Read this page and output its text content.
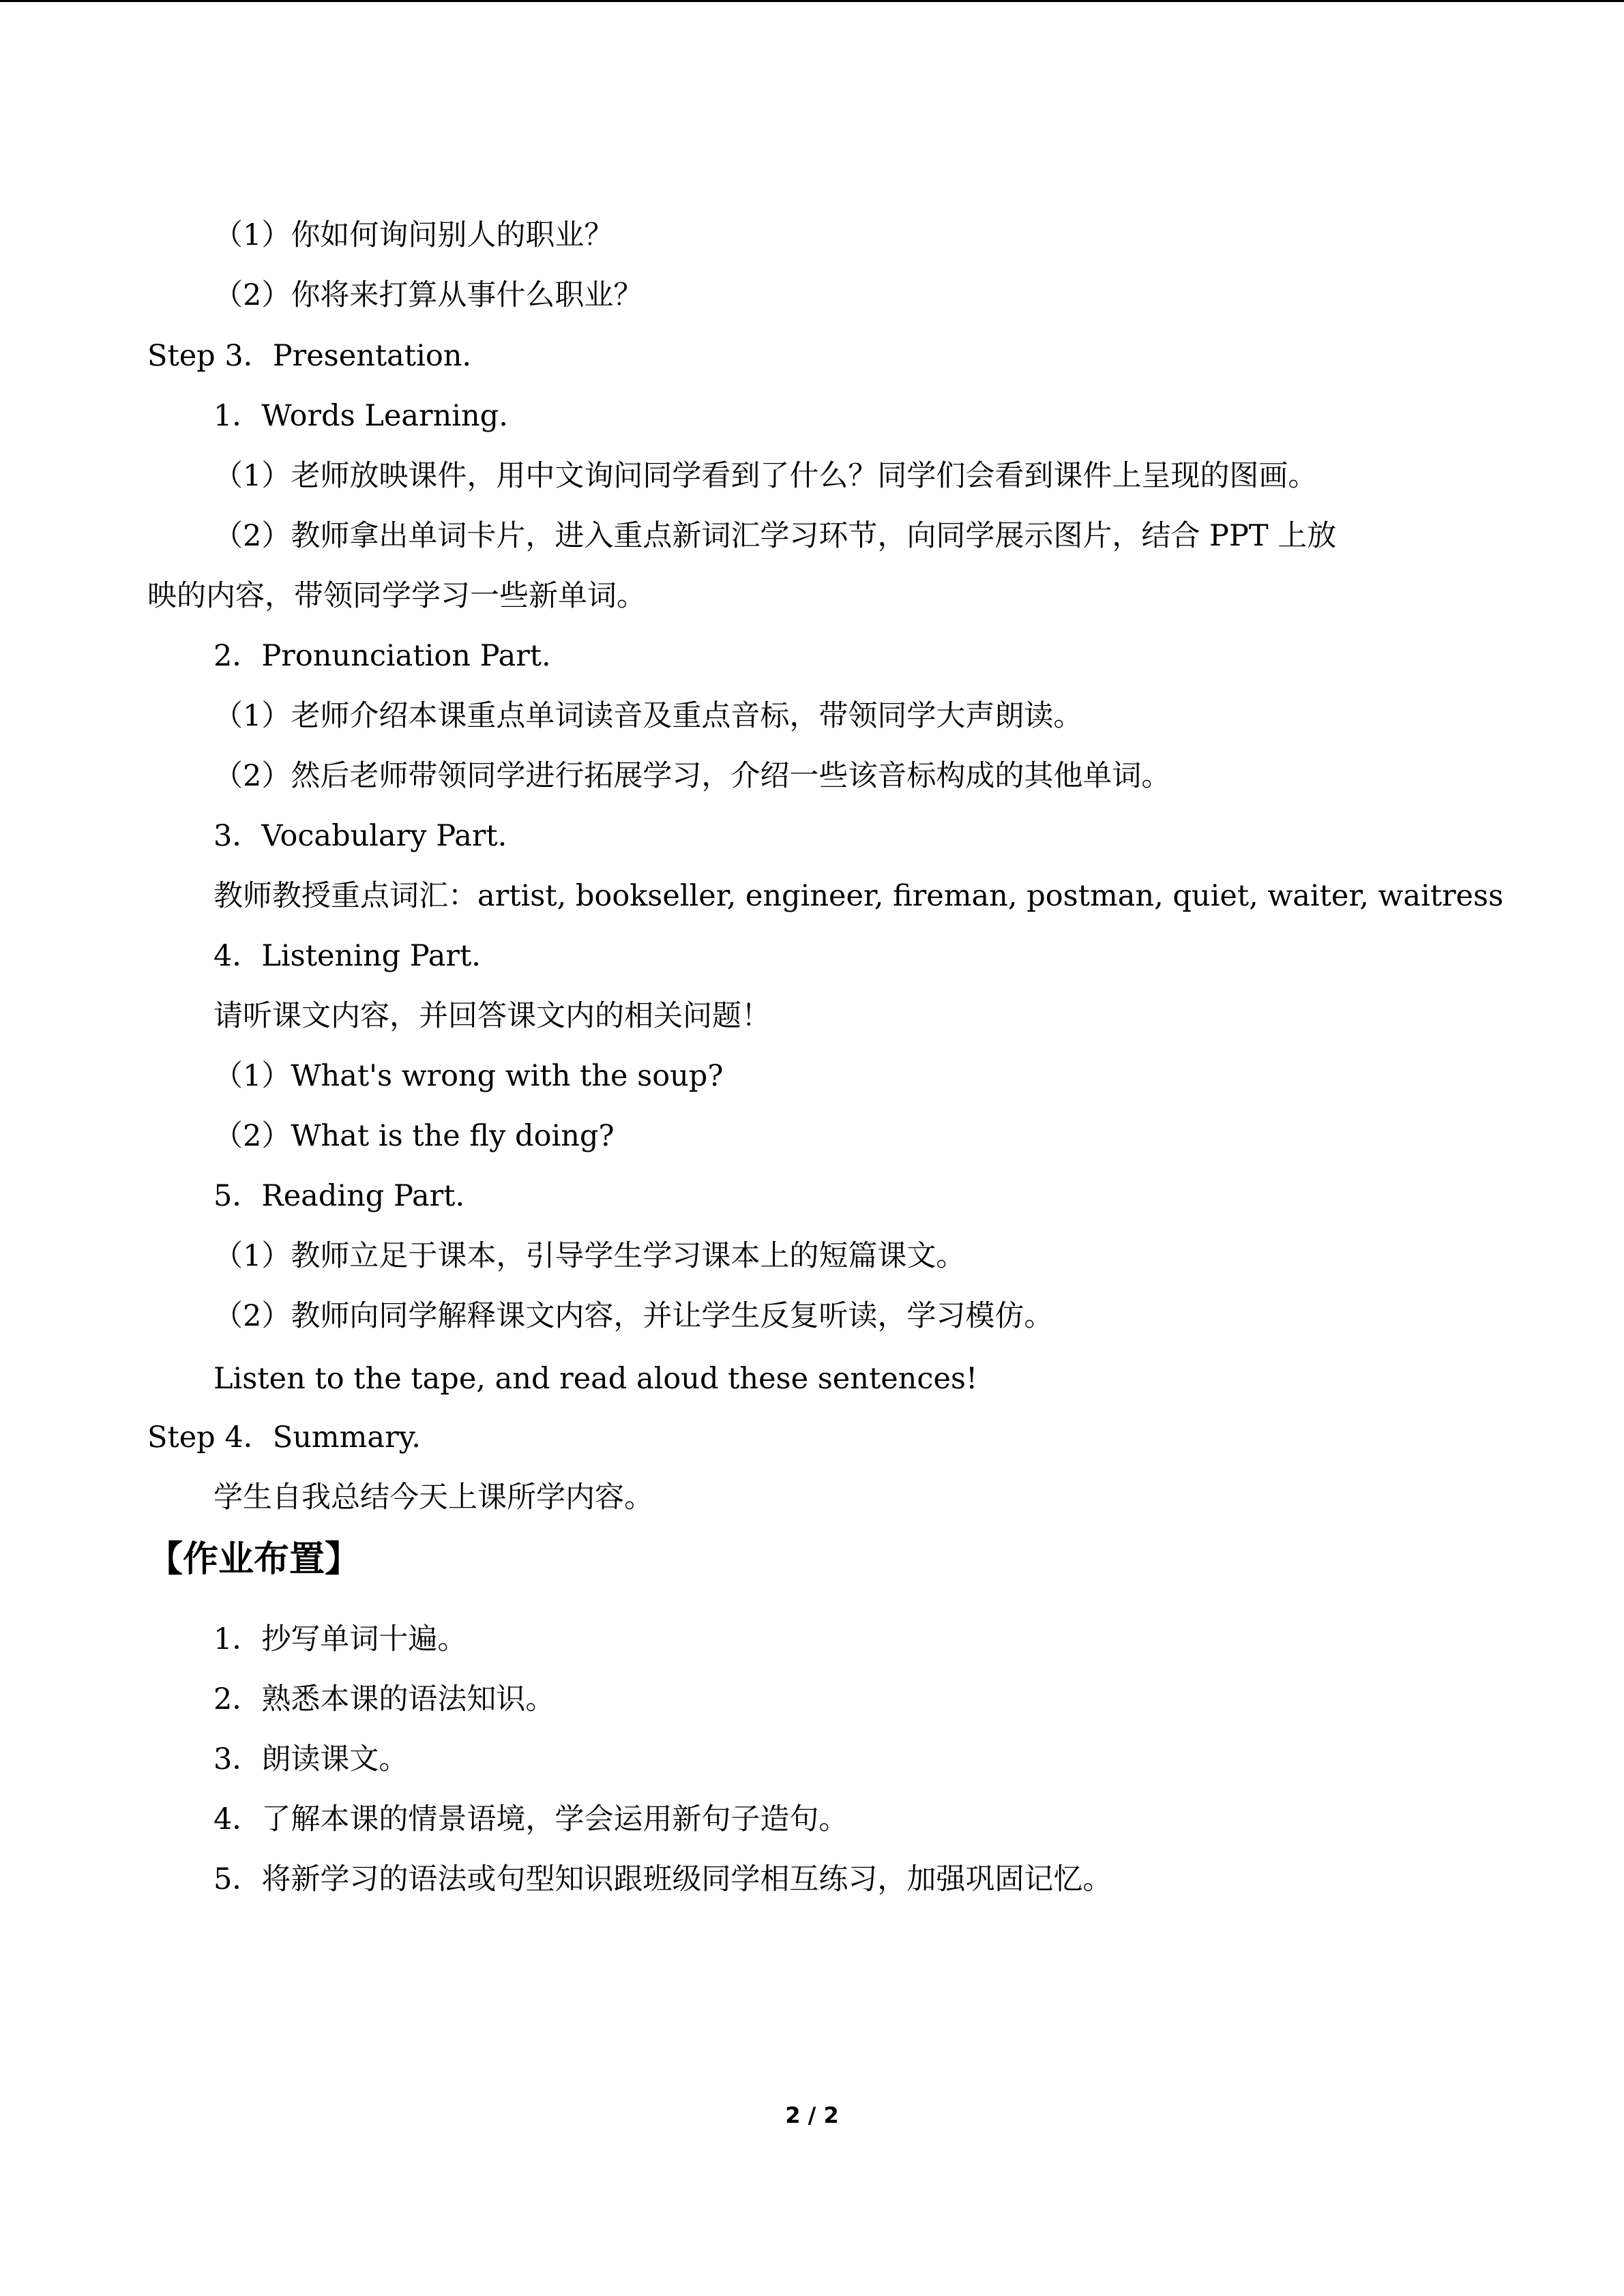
（1）你如何询问别人的职业？
（2）你将来打算从事什么职业？
Step 3．Presentation.
1．Words Learning.
（1）老师放映课件，用中文询问同学看到了什么？同学们会看到课件上呈现的图画。
（2）教师拿出单词卡片，进入重点新词汇学习环节，向同学展示图片，结合 PPT 上放
映的内容，带领同学学习一些新单词。
2．Pronunciation Part.
（1）老师介绍本课重点单词读音及重点音标，带领同学大声朗读。
（2）然后老师带领同学进行拓展学习，介绍一些该音标构成的其他单词。
3．Vocabulary Part.
教师教授重点词汇：artist, bookseller, engineer, fireman, postman, quiet, waiter, waitress
4．Listening Part.
请听课文内容，并回答课文内的相关问题！
（1）What's wrong with the soup?
（2）What is the fly doing?
5．Reading Part.
（1）教师立足于课本，引导学生学习课本上的短篇课文。
（2）教师向同学解释课文内容，并让学生反复听读，学习模仿。
Listen to the tape, and read aloud these sentences!
Step 4．Summary.
学生自我总结今天上课所学内容。
【作业布置】
1．抄写单词十遍。
2．熟悉本课的语法知识。
3．朗读课文。
4．了解本课的情景语境，学会运用新句子造句。
5．将新学习的语法或句型知识跟班级同学相互练习，加强巩固记忆。
2 / 2
